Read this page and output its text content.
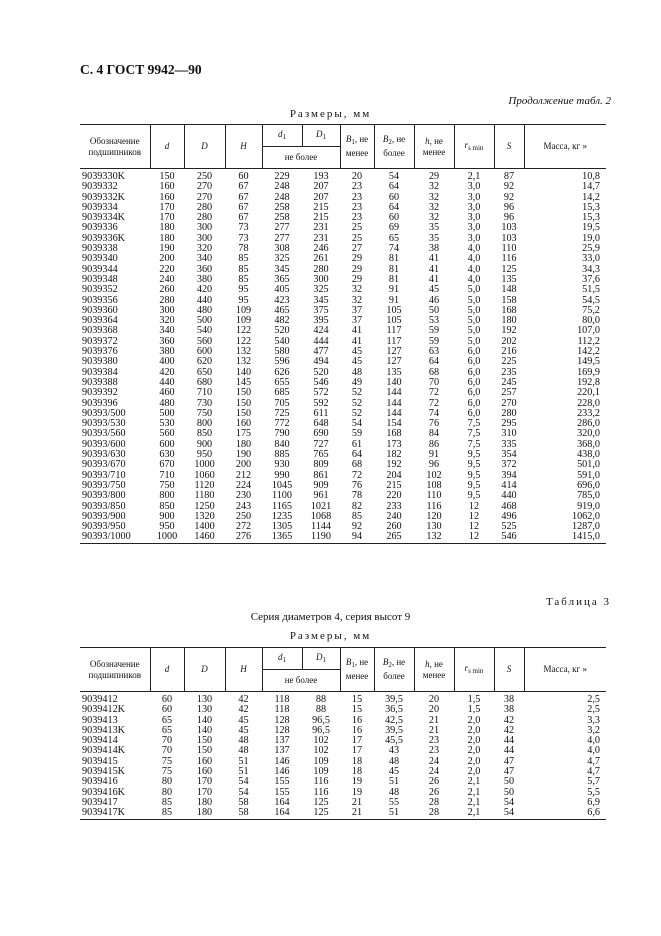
С. 4 ГОСТ 9942—90
Продолжение табл. 2
Размеры, мм
Обозначение подшипников	d	D	H	$d_1$	$D_1$	$B_1$, не менее	$B_2$, не более	h, не менее	$r_{s min}$	S	Масса, кг »
				не более							
9039330K	150	250	60	229	193	20	54	29	2,1	87	10,8
9039332	160	270	67	248	207	23	64	32	3,0	92	14,7
9039332K	160	270	67	248	207	23	60	32	3,0	92	14,2
9039334	170	280	67	258	215	23	64	32	3,0	96	15,3
9039334K	170	280	67	258	215	23	60	32	3,0	96	15,3
9039336	180	300	73	277	231	25	69	35	3,0	103	19,5
9039336K	180	300	73	277	231	25	65	35	3,0	103	19,0
9039338	190	320	78	308	246	27	74	38	4,0	110	25,9
9039340	200	340	85	325	261	29	81	41	4,0	116	33,0
9039344	220	360	85	345	280	29	81	41	4,0	125	34,3
9039348	240	380	85	365	300	29	81	41	4,0	135	37,6
9039352	260	420	95	405	325	32	91	45	5,0	148	51,5
9039356	280	440	95	423	345	32	91	46	5,0	158	54,5
9039360	300	480	109	465	375	37	105	50	5,0	168	75,2
9039364	320	500	109	482	395	37	105	53	5,0	180	80,0
9039368	340	540	122	520	424	41	117	59	5,0	192	107,0
9039372	360	560	122	540	444	41	117	59	5,0	202	112,2
9039376	380	600	132	580	477	45	127	63	6,0	216	142,2
9039380	400	620	132	596	494	45	127	64	6,0	225	149,5
9039384	420	650	140	626	520	48	135	68	6,0	235	169,9
9039388	440	680	145	655	546	49	140	70	6,0	245	192,8
9039392	460	710	150	685	572	52	144	72	6,0	257	220,1
9039396	480	730	150	705	592	52	144	72	6,0	270	228,0
90393/500	500	750	150	725	611	52	144	74	6,0	280	233,2
90393/530	530	800	160	772	648	54	154	76	7,5	295	286,0
90393/560	560	850	175	790	690	59	168	84	7,5	310	320,0
90393/600	600	900	180	840	727	61	173	86	7,5	335	368,0
90393/630	630	950	190	885	765	64	182	91	9,5	354	438,0
90393/670	670	1000	200	930	809	68	192	96	9,5	372	501,0
90393/710	710	1060	212	990	861	72	204	102	9,5	394	591,0
90393/750	750	1120	224	1045	909	76	215	108	9,5	414	696,0
90393/800	800	1180	230	1100	961	78	220	110	9,5	440	785,0
90393/850	850	1250	243	1165	1021	82	233	116	12	468	919,0
90393/900	900	1320	250	1235	1068	85	240	120	12	496	1062,0
90393/950	950	1400	272	1305	1144	92	260	130	12	525	1287,0
90393/1000	1000	1460	276	1365	1190	94	265	132	12	546	1415,0
Таблица 3
Серия диаметров 4, серия высот 9
Размеры, мм
Обозначение подшипников	d	D	H	$d_1$	$D_1$	$B_1$, не менее	$B_2$, не более	h, не менее	$r_{s min}$	S	Масса, кг »
				не более							
9039412	60	130	42	118	88	15	39,5	20	1,5	38	2,5
9039412K	60	130	42	118	88	15	36,5	20	1,5	38	2,5
9039413	65	140	45	128	96,5	16	42,5	21	2,0	42	3,3
9039413K	65	140	45	128	96,5	16	39,5	21	2,0	42	3,2
9039414	70	150	48	137	102	17	45,5	23	2,0	44	4,0
9039414K	70	150	48	137	102	17	43	23	2,0	44	4,0
9039415	75	160	51	146	109	18	48	24	2,0	47	4,7
9039415K	75	160	51	146	109	18	45	24	2,0	47	4,7
9039416	80	170	54	155	116	19	51	26	2,1	50	5,7
9039416K	80	170	54	155	116	19	48	26	2,1	50	5,5
9039417	85	180	58	164	125	21	55	28	2,1	54	6,9
9039417K	85	180	58	164	125	21	51	28	2,1	54	6,6
